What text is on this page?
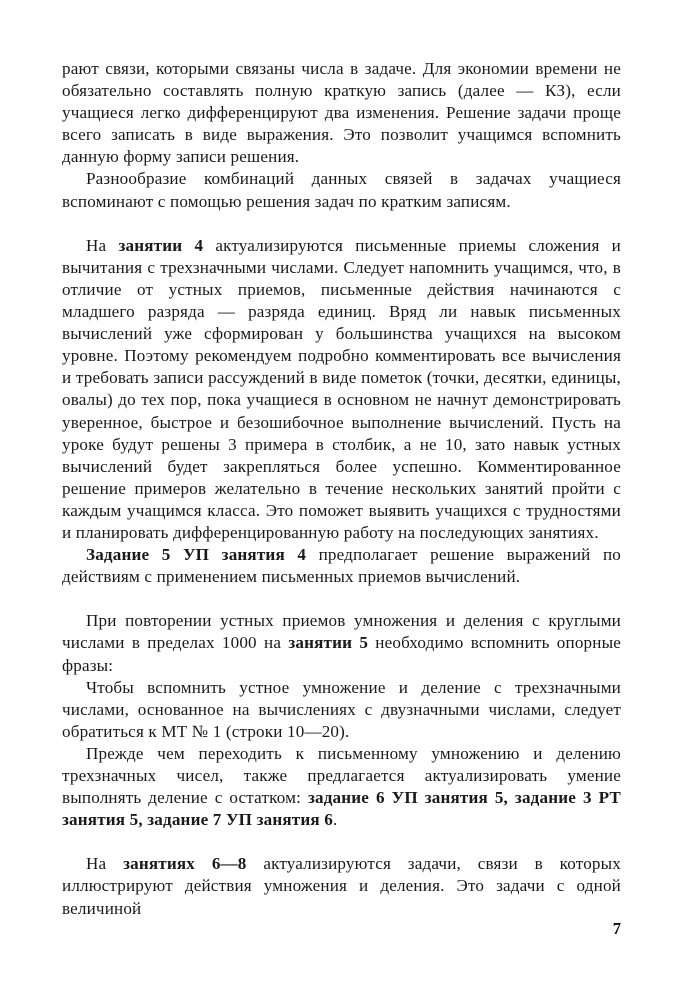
рают связи, которыми связаны числа в задаче. Для экономии времени не обязательно составлять полную краткую запись (далее — КЗ), если учащиеся легко дифференцируют два изменения. Решение задачи проще всего записать в виде выражения. Это позволит учащимся вспомнить данную форму записи решения.

Разнообразие комбинаций данных связей в задачах учащиеся вспоминают с помощью решения задач по кратким записям.

На занятии 4 актуализируются письменные приемы сложения и вычитания с трехзначными числами. Следует напомнить учащимся, что, в отличие от устных приемов, письменные действия начинаются с младшего разряда — разряда единиц. Вряд ли навык письменных вычислений уже сформирован у большинства учащихся на высоком уровне. Поэтому рекомендуем подробно комментировать все вычисления и требовать записи рассуждений в виде пометок (точки, десятки, единицы, овалы) до тех пор, пока учащиеся в основном не начнут демонстрировать уверенное, быстрое и безошибочное выполнение вычислений. Пусть на уроке будут решены 3 примера в столбик, а не 10, зато навык устных вычислений будет закрепляться более успешно. Комментированное решение примеров желательно в течение нескольких занятий пройти с каждым учащимся класса. Это поможет выявить учащихся с трудностями и планировать дифференцированную работу на последующих занятиях.

Задание 5 УП занятия 4 предполагает решение выражений по действиям с применением письменных приемов вычислений.

При повторении устных приемов умножения и деления с круглыми числами в пределах 1000 на занятии 5 необходимо вспомнить опорные фразы:

Чтобы вспомнить устное умножение и деление с трехзначными числами, основанное на вычислениях с двузначными числами, следует обратиться к МТ № 1 (строки 10—20).

Прежде чем переходить к письменному умножению и делению трехзначных чисел, также предлагается актуализировать умение выполнять деление с остатком: задание 6 УП занятия 5, задание 3 РТ занятия 5, задание 7 УП занятия 6.

На занятиях 6—8 актуализируются задачи, связи в которых иллюстрируют действия умножения и деления. Это задачи с одной величиной

7
